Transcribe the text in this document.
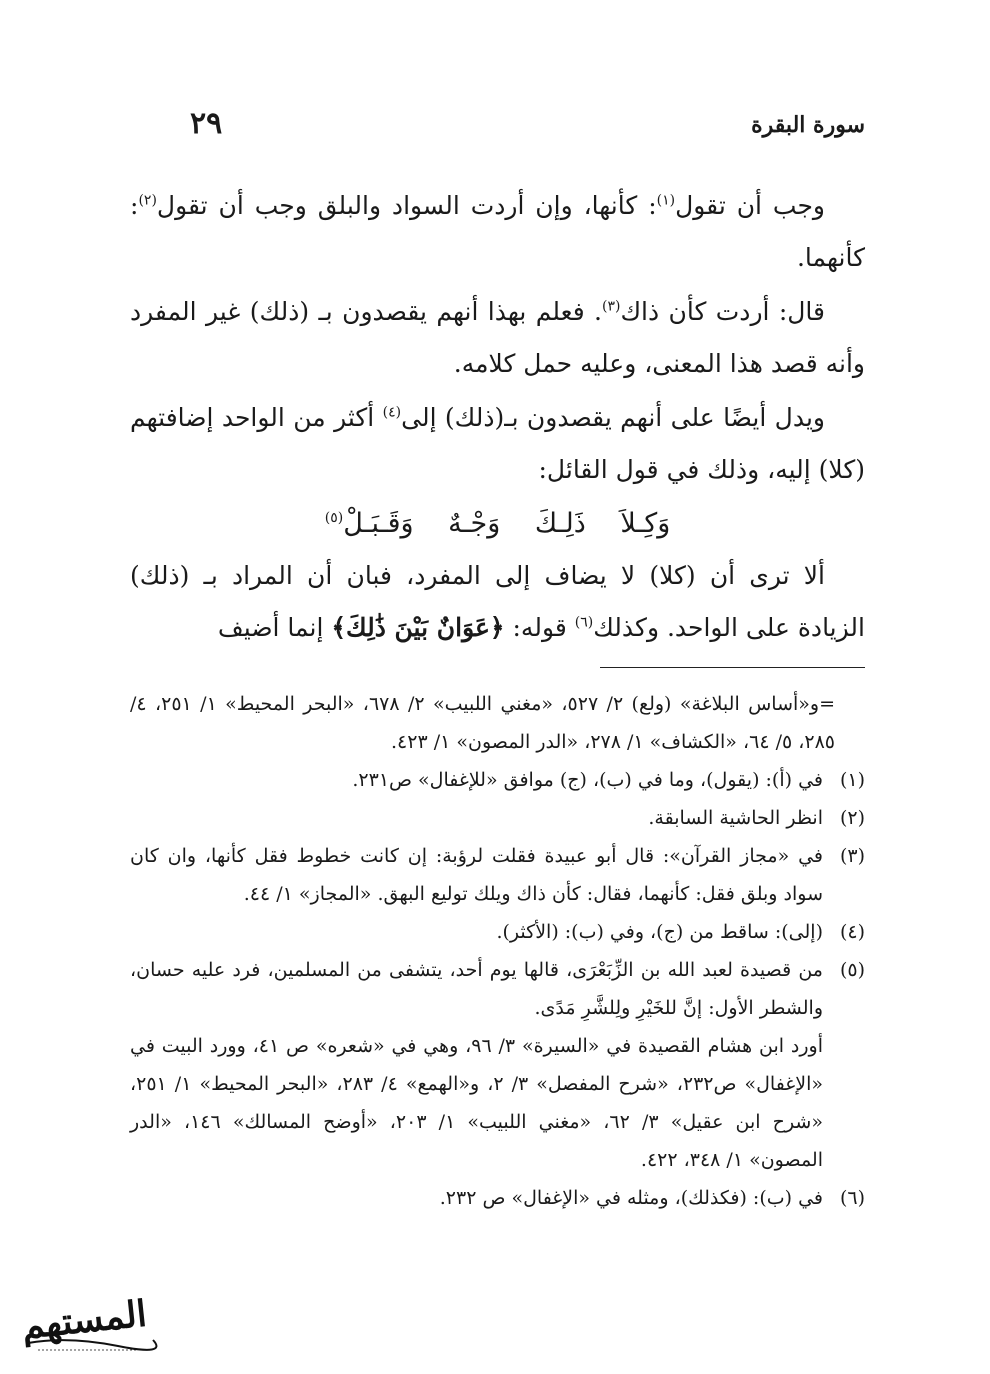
سورة البقرة
٢٩

وجب أن تقول$^{(١)}$: كأنها، وإن أردت السواد والبلق وجب أن تقول$^{(٢)}$: كأنهما.

قال: أردت كأن ذاك$^{(٣)}$. فعلم بهذا أنهم يقصدون بـ (ذلك) غير المفرد وأنه قصد هذا المعنى، وعليه حمل كلامه.

ويدل أيضًا على أنهم يقصدون بـ(ذلك) إلى$^{(٤)}$ أكثر من الواحد إضافتهم (كلا) إليه، وذلك في قول القائل:

وَكِـلاَ ذَلِـكَ وَجْـهٌ وَقَـبَـلْ$^{(٥)}$

ألا ترى أن (كلا) لا يضاف إلى المفرد، فبان أن المراد بـ (ذلك) الزيادة على الواحد. وكذلك$^{(٦)}$ قوله: ﴿عَوَانٌ بَيْنَ ذَٰلِكَ﴾ إنما أضيف

=و«أساس البلاغة» (ولع) ٢/ ٥٢٧، «مغني اللبيب» ٢/ ٦٧٨، «البحر المحيط» ١/ ٢٥١، ٤/ ٢٨٥، ٥/ ٦٤، «الكشاف» ١/ ٢٧٨، «الدر المصون» ١/ ٤٢٣.

(١)
في (أ): (يقول)، وما في (ب)، (ج) موافق «للإغفال» ص٢٣١.

(٢)
انظر الحاشية السابقة.

(٣)
في «مجاز القرآن»: قال أبو عبيدة فقلت لرؤبة: إن كانت خطوط فقل كأنها، وان كان سواد وبلق فقل: كأنهما، فقال: كأن ذاك ويلك توليع البهق. «المجاز» ١/ ٤٤.

(٤)
(إلى): ساقط من (ج)، وفي (ب): (الأكثر).

(٥)
من قصيدة لعبد الله بن الزِّبَعْرَى، قالها يوم أحد، يتشفى من المسلمين، فرد عليه حسان، والشطر الأول: إنَّ للخَيْرِ ولِلشَّرِ مَدًى.

أورد ابن هشام القصيدة في «السيرة» ٣/ ٩٦، وهي في «شعره» ص ٤١، وورد البيت في «الإغفال» ص٢٣٢، «شرح المفصل» ٣/ ٢، و«الهمع» ٤/ ٢٨٣، «البحر المحيط» ١/ ٢٥١، «شرح ابن عقيل» ٣/ ٦٢، «مغني اللبيب» ١/ ٢٠٣، «أوضح المسالك» ١٤٦، «الدر المصون» ١/ ٣٤٨، ٤٢٢.

(٦)
في (ب): (فكذلك)، ومثله في «الإغفال» ص ٢٣٢.

المستهم
